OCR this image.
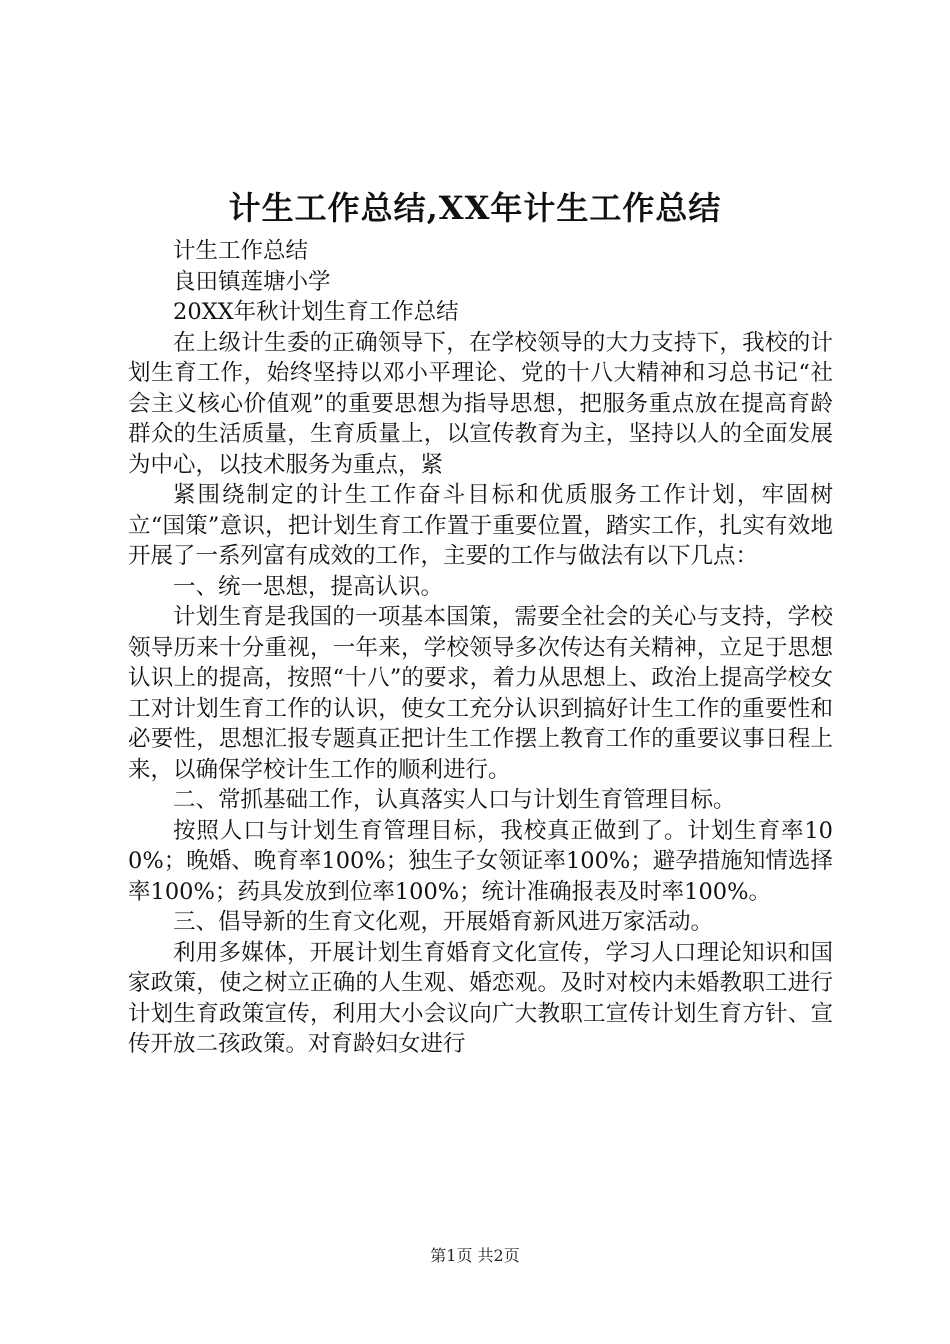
计生工作总结,XX年计生工作总结

计生工作总结

良田镇莲塘小学

20XX年秋计划生育工作总结

在上级计生委的正确领导下，在学校领导的大力支持下，我校的计划生育工作，始终坚持以邓小平理论、党的十八大精神和习总书记“社会主义核心价值观”的重要思想为指导思想，把服务重点放在提高育龄群众的生活质量，生育质量上，以宣传教育为主，坚持以人的全面发展为中心，以技术服务为重点，紧

紧围绕制定的计生工作奋斗目标和优质服务工作计划，牢固树立“国策”意识，把计划生育工作置于重要位置，踏实工作，扎实有效地开展了一系列富有成效的工作，主要的工作与做法有以下几点：

一、统一思想，提高认识。

计划生育是我国的一项基本国策，需要全社会的关心与支持，学校领导历来十分重视，一年来，学校领导多次传达有关精神，立足于思想认识上的提高，按照“十八”的要求，着力从思想上、政治上提高学校女工对计划生育工作的认识，使女工充分认识到搞好计生工作的重要性和必要性，思想汇报专题真正把计生工作摆上教育工作的重要议事日程上来，以确保学校计生工作的顺利进行。

二、常抓基础工作，认真落实人口与计划生育管理目标。

按照人口与计划生育管理目标，我校真正做到了。计划生育率100%；晚婚、晚育率100%；独生子女领证率100%；避孕措施知情选择率100%；药具发放到位率100%；统计准确报表及时率100%。

三、倡导新的生育文化观，开展婚育新风进万家活动。

利用多媒体，开展计划生育婚育文化宣传，学习人口理论知识和国家政策，使之树立正确的人生观、婚恋观。及时对校内未婚教职工进行计划生育政策宣传，利用大小会议向广大教职工宣传计划生育方针、宣传开放二孩政策。对育龄妇女进行

第1页 共2页
